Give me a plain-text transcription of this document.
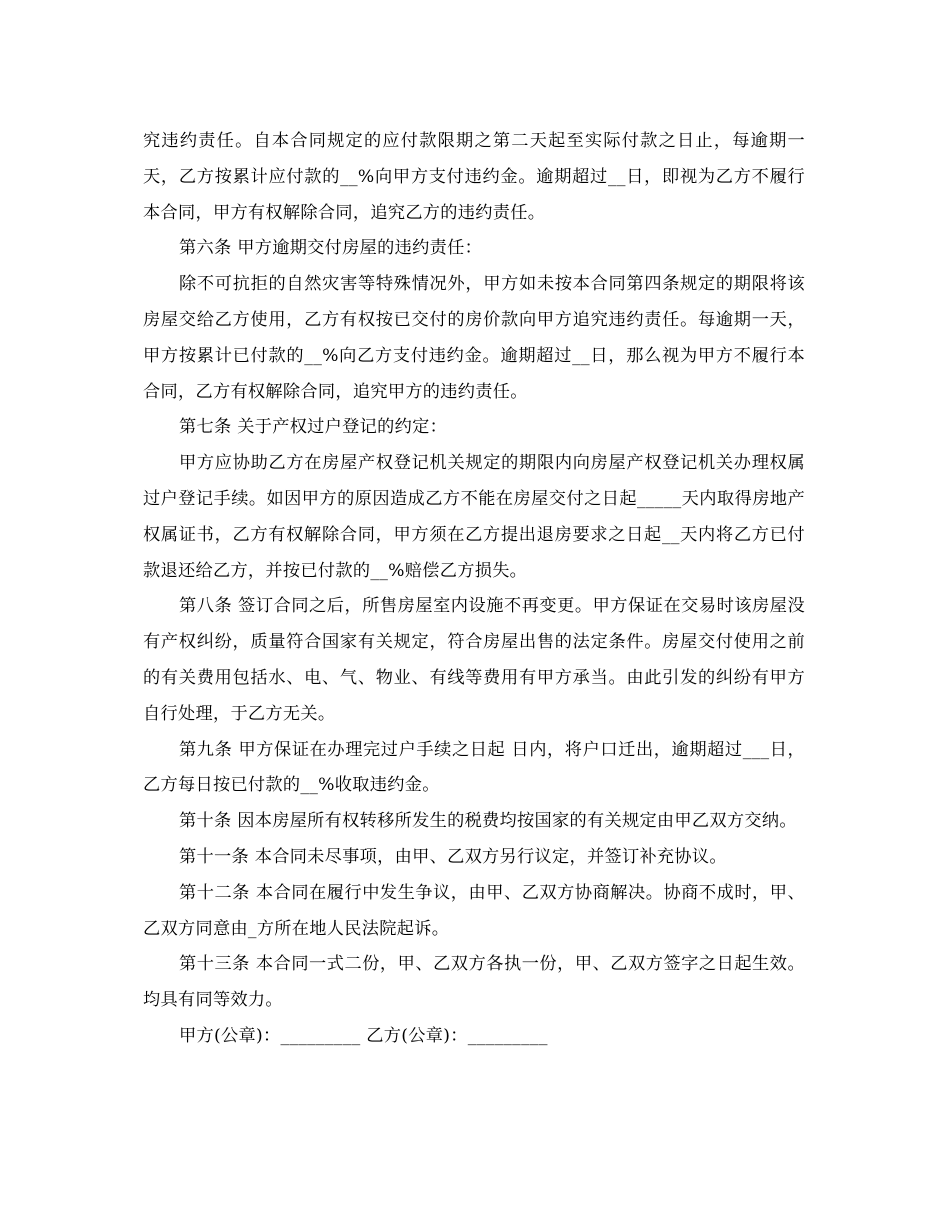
究违约责任。自本合同规定的应付款限期之第二天起至实际付款之日止，每逾期一天，乙方按累计应付款的__%向甲方支付违约金。逾期超过__日，即视为乙方不履行本合同，甲方有权解除合同，追究乙方的违约责任。

第六条 甲方逾期交付房屋的违约责任：

除不可抗拒的自然灾害等特殊情况外，甲方如未按本合同第四条规定的期限将该房屋交给乙方使用，乙方有权按已交付的房价款向甲方追究违约责任。每逾期一天，甲方按累计已付款的__%向乙方支付违约金。逾期超过__日，那么视为甲方不履行本合同，乙方有权解除合同，追究甲方的违约责任。

第七条 关于产权过户登记的约定：

甲方应协助乙方在房屋产权登记机关规定的期限内向房屋产权登记机关办理权属过户登记手续。如因甲方的原因造成乙方不能在房屋交付之日起_____天内取得房地产权属证书，乙方有权解除合同，甲方须在乙方提出退房要求之日起__天内将乙方已付款退还给乙方，并按已付款的__%赔偿乙方损失。

第八条 签订合同之后，所售房屋室内设施不再变更。甲方保证在交易时该房屋没有产权纠纷，质量符合国家有关规定，符合房屋出售的法定条件。房屋交付使用之前的有关费用包括水、电、气、物业、有线等费用有甲方承当。由此引发的纠纷有甲方自行处理，于乙方无关。

第九条 甲方保证在办理完过户手续之日起 日内，将户口迁出，逾期超过___日，乙方每日按已付款的__%收取违约金。

第十条 因本房屋所有权转移所发生的税费均按国家的有关规定由甲乙双方交纳。

第十一条 本合同未尽事项，由甲、乙双方另行议定，并签订补充协议。

第十二条 本合同在履行中发生争议，由甲、乙双方协商解决。协商不成时，甲、乙双方同意由_方所在地人民法院起诉。

第十三条 本合同一式二份，甲、乙双方各执一份，甲、乙双方签字之日起生效。均具有同等效力。

甲方(公章)：_________ 乙方(公章)：_________
